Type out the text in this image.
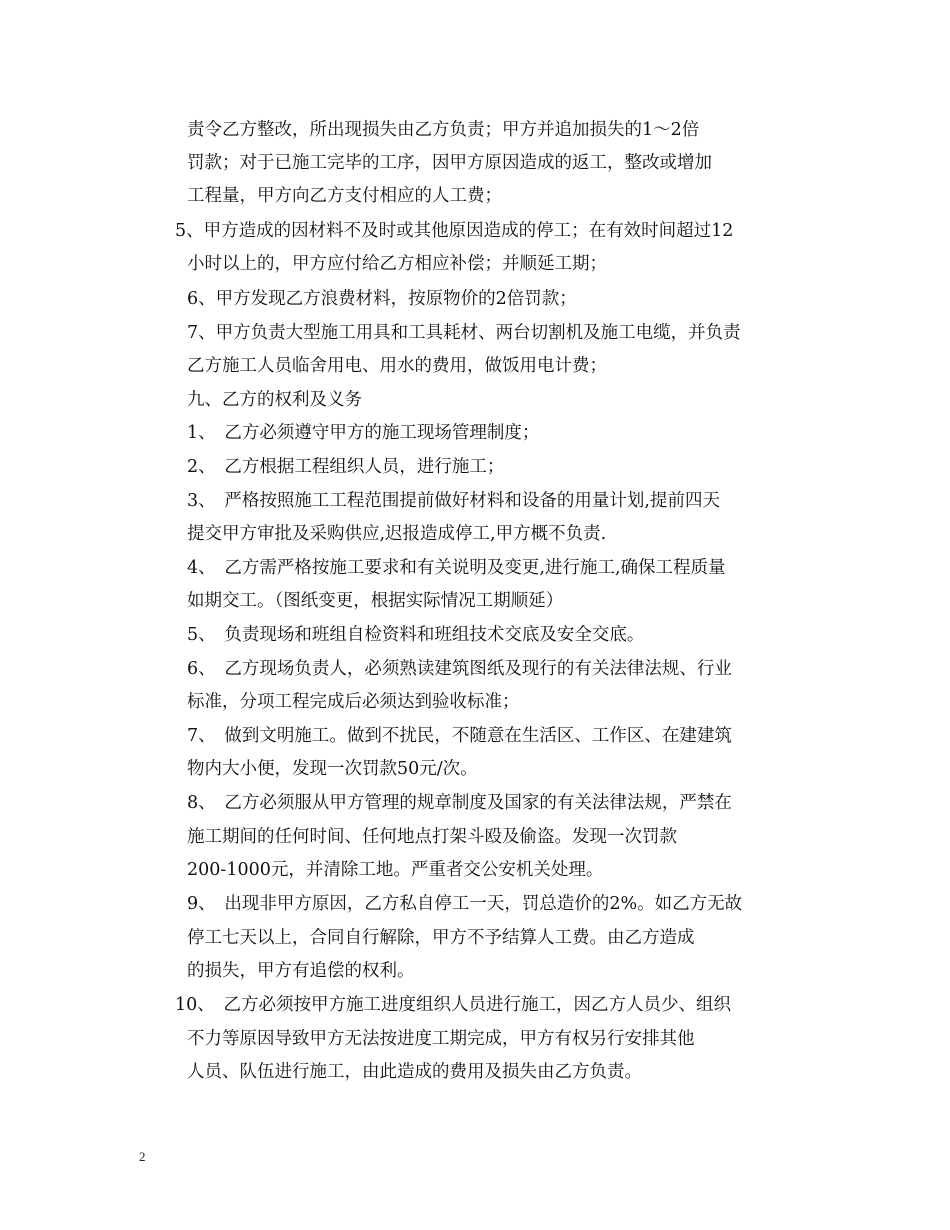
责令乙方整改，所出现损失由乙方负责；甲方并追加损失的1～2倍
罚款；对于已施工完毕的工序，因甲方原因造成的返工，整改或增加
工程量，甲方向乙方支付相应的人工费；
5、甲方造成的因材料不及时或其他原因造成的停工；在有效时间超过12
小时以上的，甲方应付给乙方相应补偿；并顺延工期；
6、甲方发现乙方浪费材料，按原物价的2倍罚款；
7、甲方负责大型施工用具和工具耗材、两台切割机及施工电缆，并负责
乙方施工人员临舍用电、用水的费用，做饭用电计费；
九、乙方的权利及义务
1、　乙方必须遵守甲方的施工现场管理制度；
2、　乙方根据工程组织人员，进行施工；
3、　严格按照施工工程范围提前做好材料和设备的用量计划,提前四天
提交甲方审批及采购供应,迟报造成停工,甲方概不负责.
4、　乙方需严格按施工要求和有关说明及变更,进行施工,确保工程质量
如期交工。（图纸变更，根据实际情况工期顺延）
5、　负责现场和班组自检资料和班组技术交底及安全交底。
6、　乙方现场负责人，必须熟读建筑图纸及现行的有关法律法规、行业
标准，分项工程完成后必须达到验收标准；
7、　做到文明施工。做到不扰民，不随意在生活区、工作区、在建建筑
物内大小便，发现一次罚款50元/次。
8、　乙方必须服从甲方管理的规章制度及国家的有关法律法规，严禁在
施工期间的任何时间、任何地点打架斗殴及偷盗。发现一次罚款
200-1000元，并清除工地。严重者交公安机关处理。
9、　出现非甲方原因，乙方私自停工一天，罚总造价的2%。如乙方无故
停工七天以上，合同自行解除，甲方不予结算人工费。由乙方造成
的损失，甲方有追偿的权利。
10、　乙方必须按甲方施工进度组织人员进行施工，因乙方人员少、组织
不力等原因导致甲方无法按进度工期完成，甲方有权另行安排其他
人员、队伍进行施工，由此造成的费用及损失由乙方负责。
2
